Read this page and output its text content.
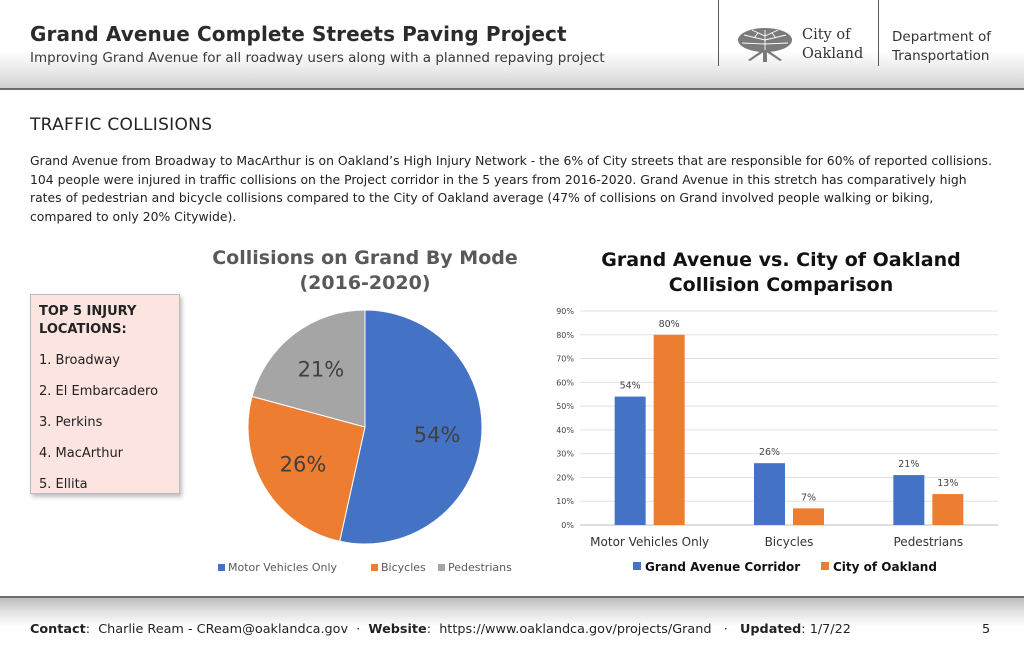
Grand Avenue Complete Streets Paving Project
Improving Grand Avenue for all roadway users along with a planned repaving project
City of
Oakland
Department of
Transportation
TRAFFIC COLLISIONS
Grand Avenue from Broadway to MacArthur is on Oakland’s High Injury Network - the 6% of City streets that are responsible for 60% of reported collisions. 104 people were injured in traffic collisions on the Project corridor in the 5 years from 2016-2020. Grand Avenue in this stretch has comparatively high rates of pedestrian and bicycle collisions compared to the City of Oakland average (47% of collisions on Grand involved people walking or biking, compared to only 20% Citywide).
TOP 5 INJURY LOCATIONS:
1. Broadway
2. El Embarcadero
3. Perkins
4. MacArthur
5. Ellita
Collisions on Grand By Mode
(2016-2020)
54%
26%
21%
Motor Vehicles Only	Bicycles Pedestrians
Grand Avenue vs. City of Oakland
Collision Comparison
0%
10%
20%
30%
40%
50%
60%
70%
80%
90%
54%
80%
Motor Vehicles Only
26%
7%
Bicycles
21%
13%
Pedestrians
Grand Avenue Corridor	City of Oakland
Contact:  Charlie Ream - CReam@oaklandca.gov  ·  Website:  https://www.oaklandca.gov/projects/Grand   ·   Updated: 1/7/22	5
